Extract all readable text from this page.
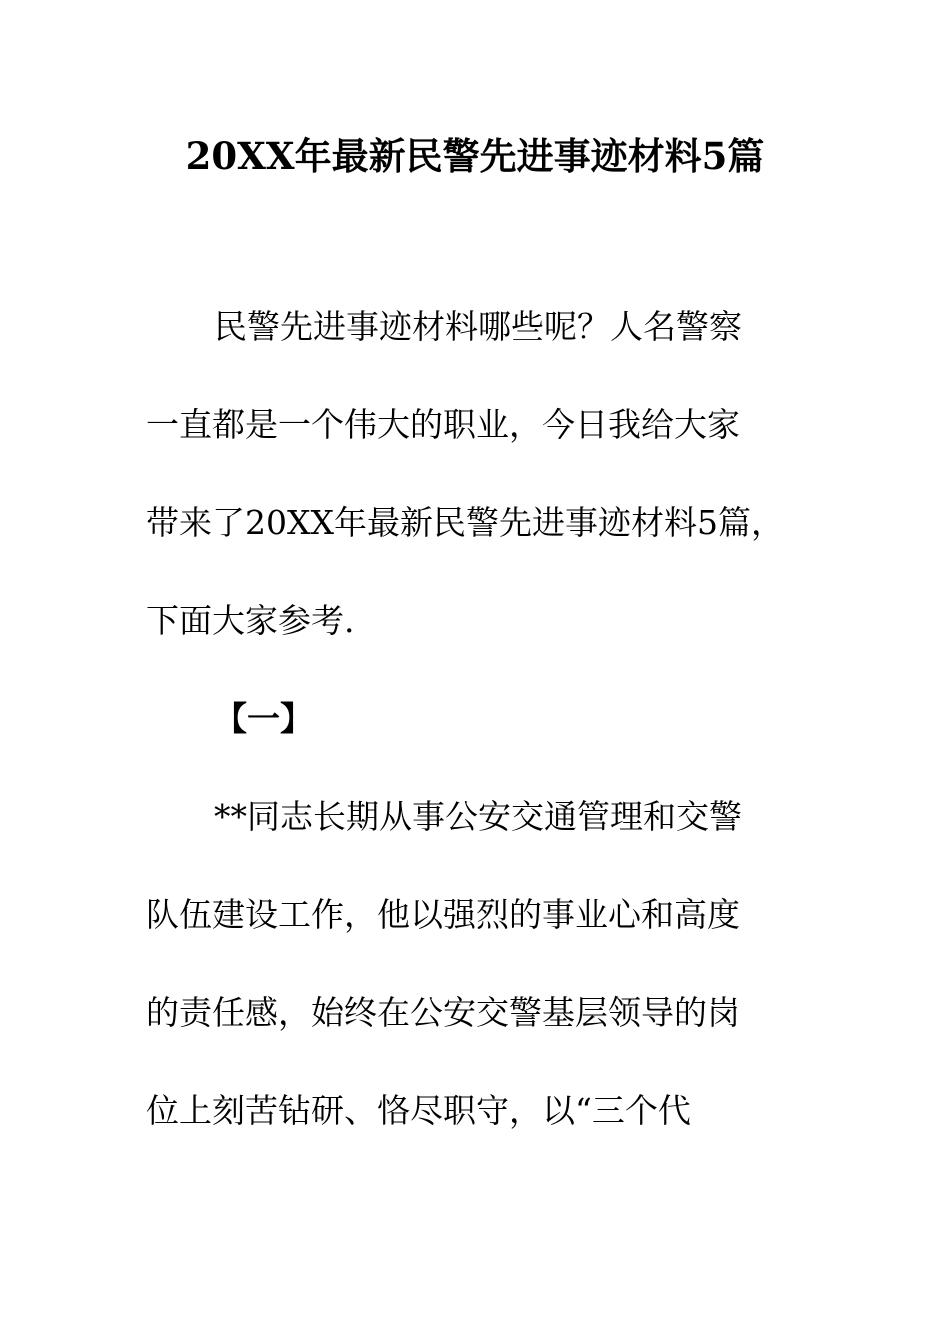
20XX年最新民警先进事迹材料5篇
民警先进事迹材料哪些呢？人名警察
一直都是一个伟大的职业，今日我给大家
带来了20XX年最新民警先进事迹材料5篇，
下面大家参考.
【一】
**同志长期从事公安交通管理和交警
队伍建设工作，他以强烈的事业心和高度
的责任感，始终在公安交警基层领导的岗
位上刻苦钻研、恪尽职守，以“三个代
